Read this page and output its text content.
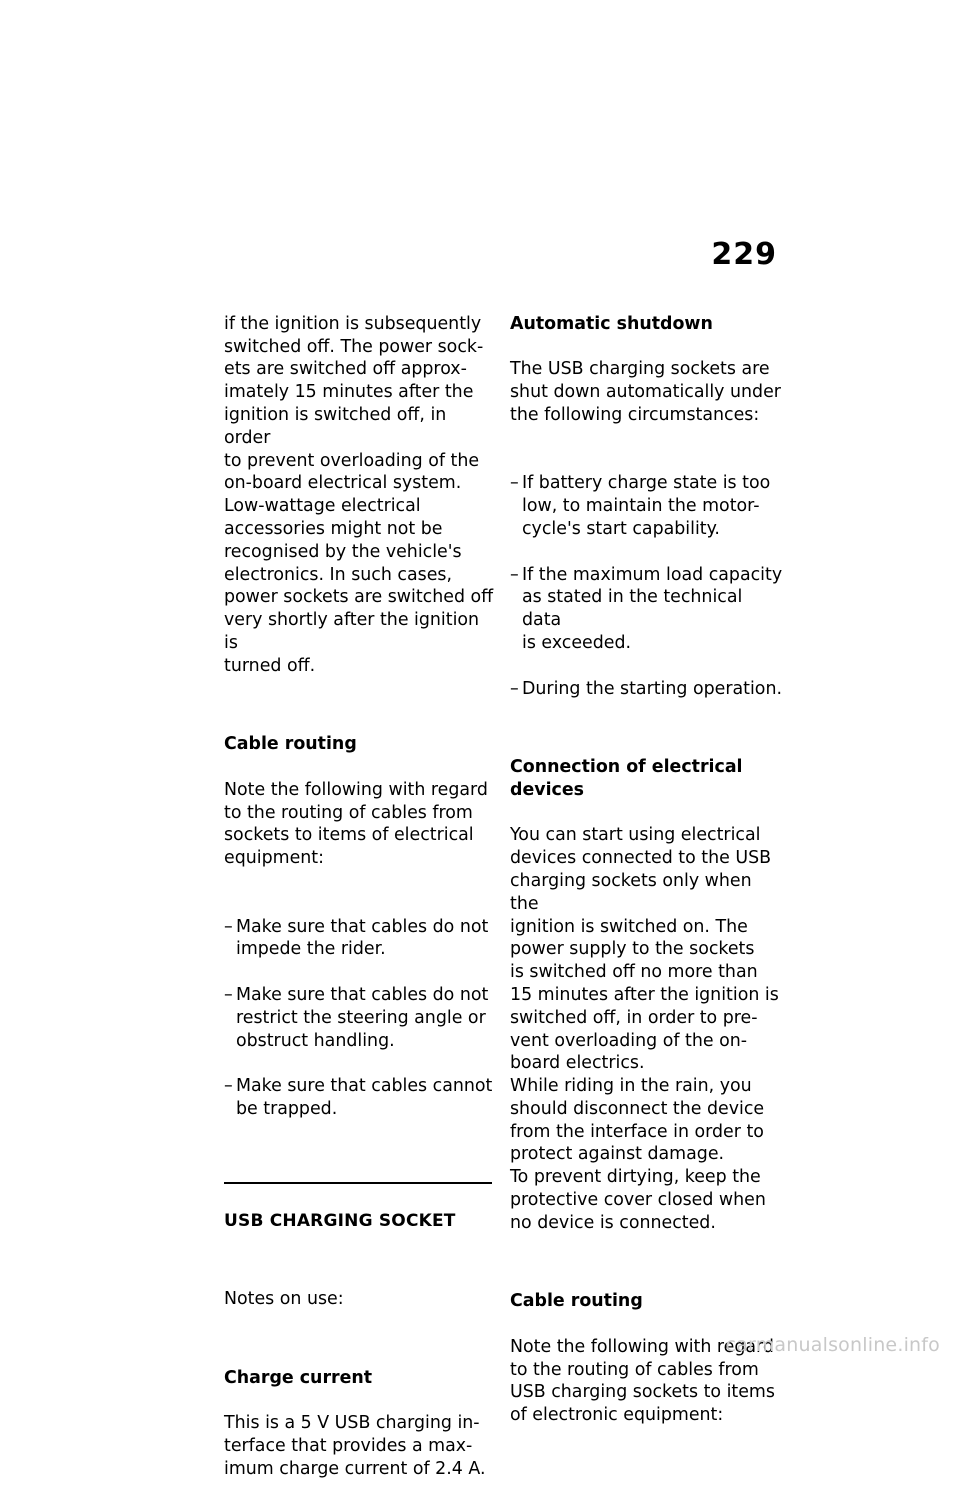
229

if the ignition is subsequently
switched off. The power sock-
ets are switched off approx-
imately 15 minutes after the
ignition is switched off, in order
to prevent overloading of the
on-board electrical system.
Low-wattage electrical
accessories might not be
recognised by the vehicle's
electronics. In such cases,
power sockets are switched off
very shortly after the ignition is
turned off.

Cable routing

Note the following with regard
to the routing of cables from
sockets to items of electrical
equipment:

– Make sure that cables do not
impede the rider.

– Make sure that cables do not
restrict the steering angle or
obstruct handling.

– Make sure that cables cannot
be trapped.

USB CHARGING SOCKET

Notes on use:

Charge current

This is a 5 V USB charging in-
terface that provides a max-
imum charge current of 2.4 A.

Automatic shutdown

The USB charging sockets are
shut down automatically under
the following circumstances:

– If battery charge state is too
low, to maintain the motor-
cycle's start capability.

– If the maximum load capacity
as stated in the technical data
is exceeded.

– During the starting operation.

Connection of electrical
devices

You can start using electrical
devices connected to the USB
charging sockets only when the
ignition is switched on. The
power supply to the sockets
is switched off no more than
15 minutes after the ignition is
switched off, in order to pre-
vent overloading of the on-
board electrics.
While riding in the rain, you
should disconnect the device
from the interface in order to
protect against damage.
To prevent dirtying, keep the
protective cover closed when
no device is connected.

Cable routing

Note the following with regard
to the routing of cables from
USB charging sockets to items
of electronic equipment:

carmanualsonline.info
